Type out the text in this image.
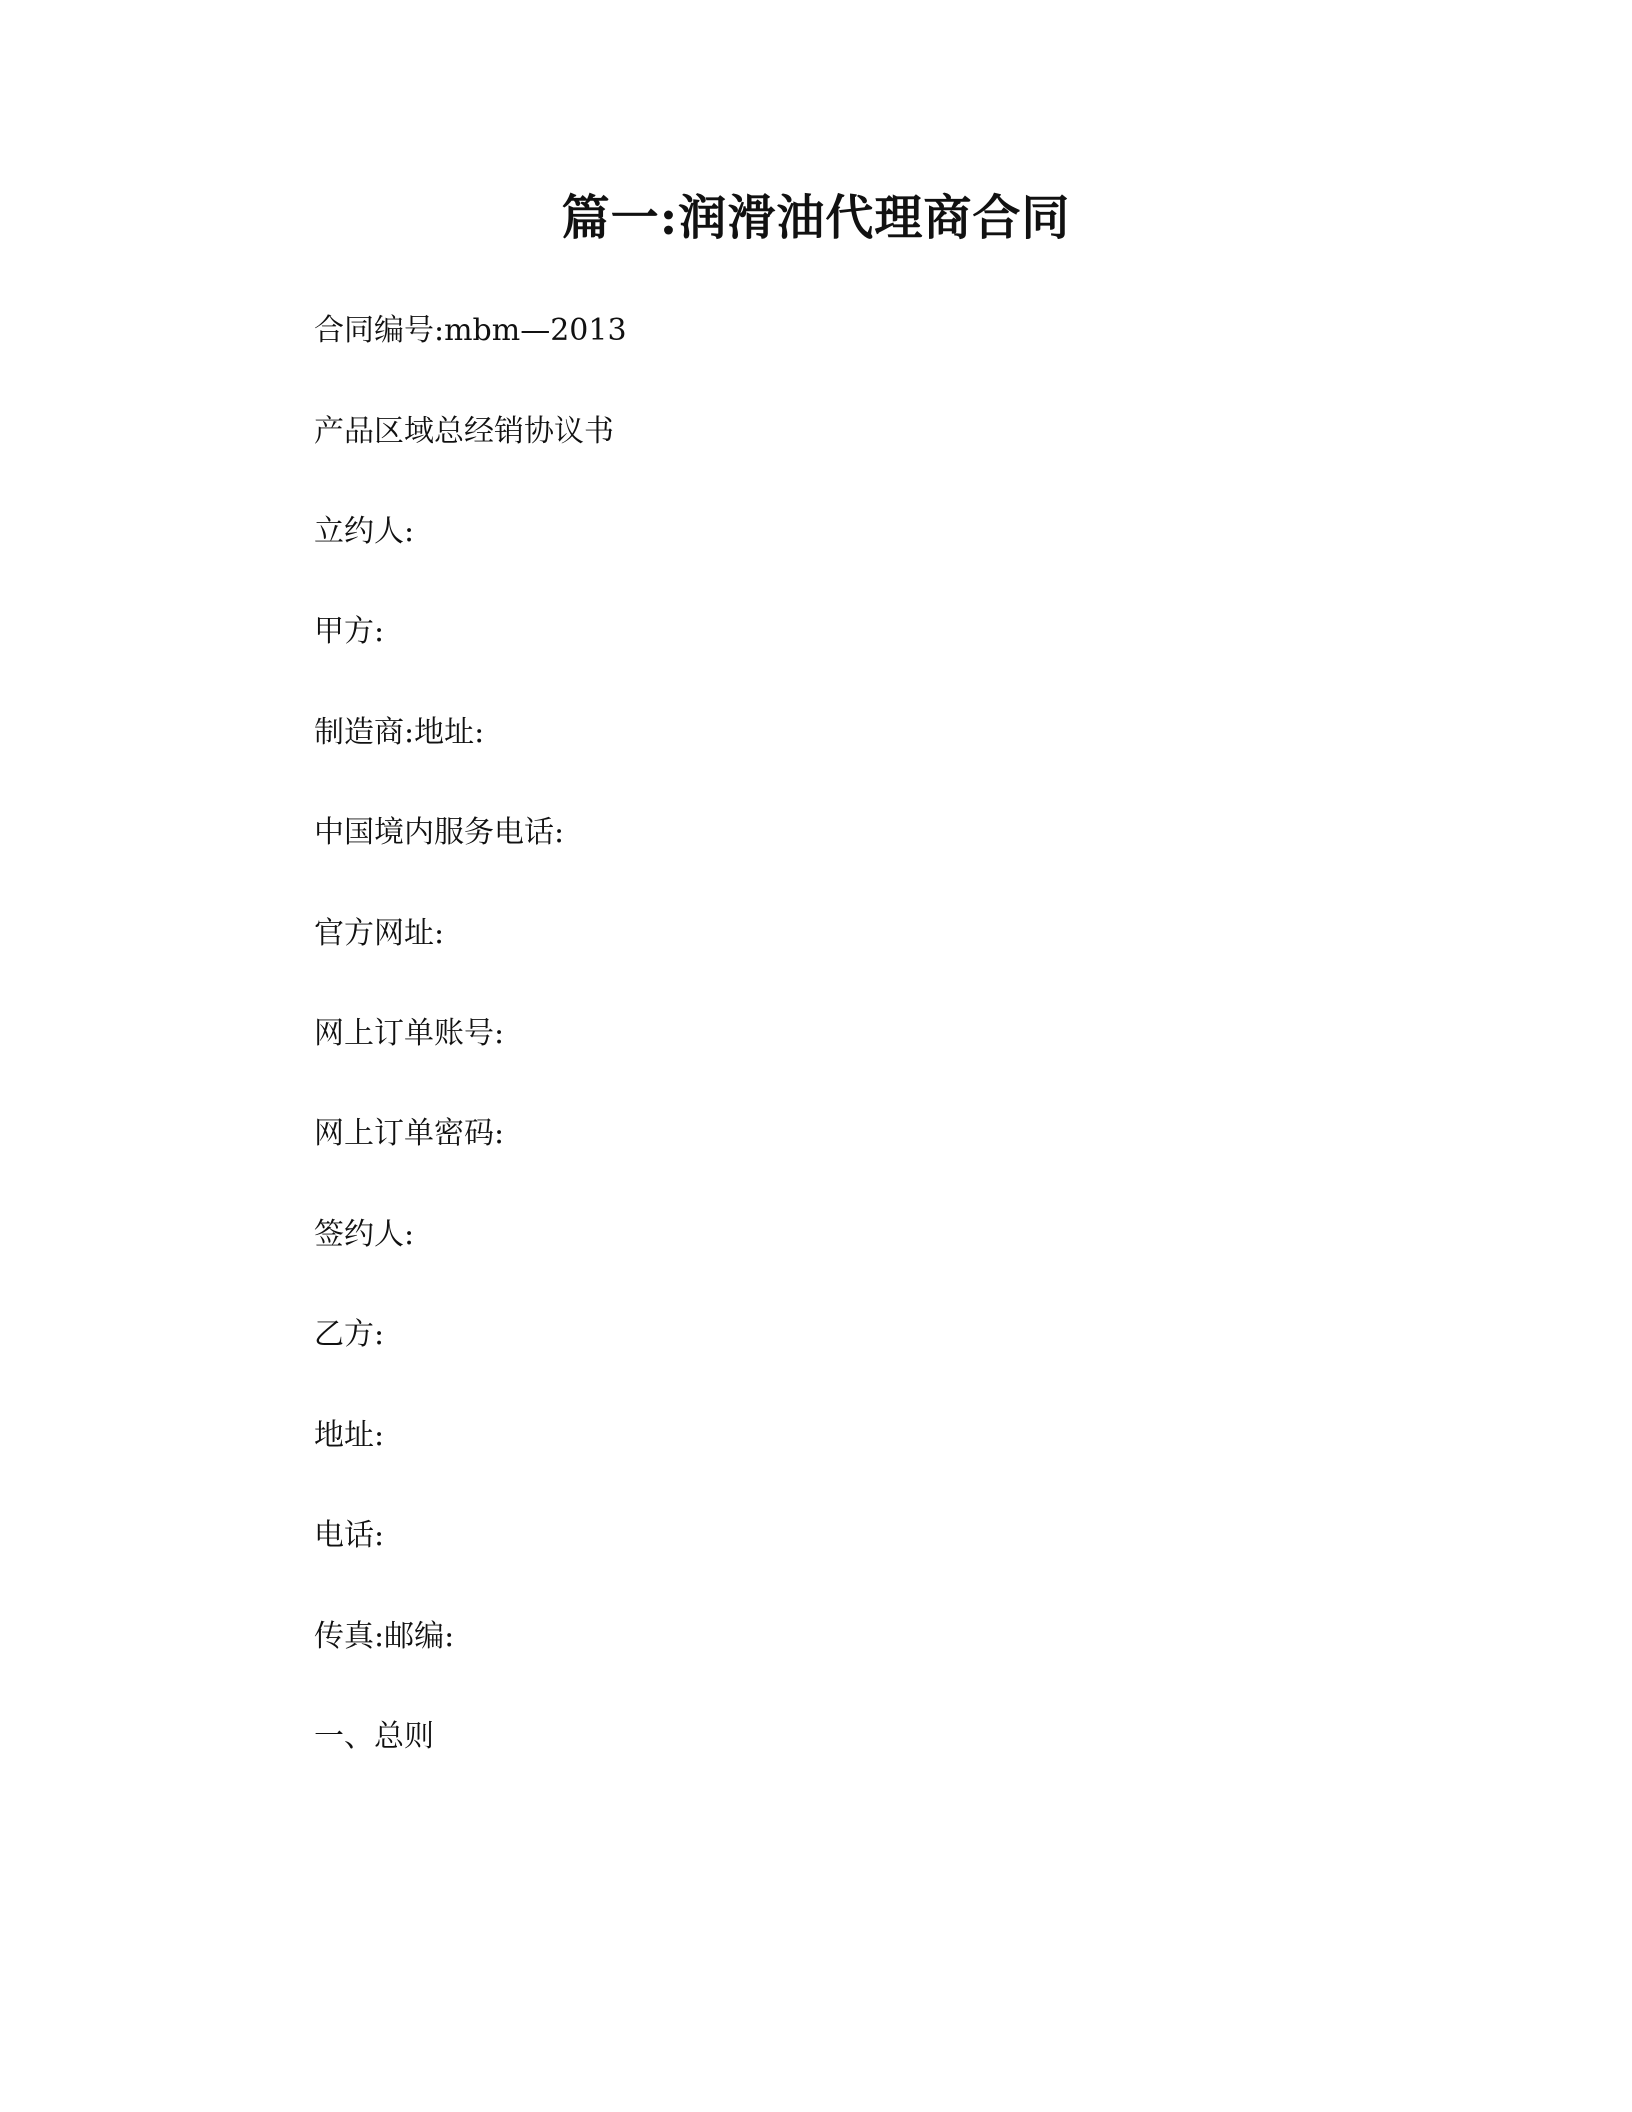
篇一:润滑油代理商合同
合同编号:mbm—2013
产品区域总经销协议书
立约人:
甲方:
制造商:地址:
中国境内服务电话:
官方网址:
网上订单账号:
网上订单密码:
签约人:
乙方:
地址:
电话:
传真:邮编:
一、总则
